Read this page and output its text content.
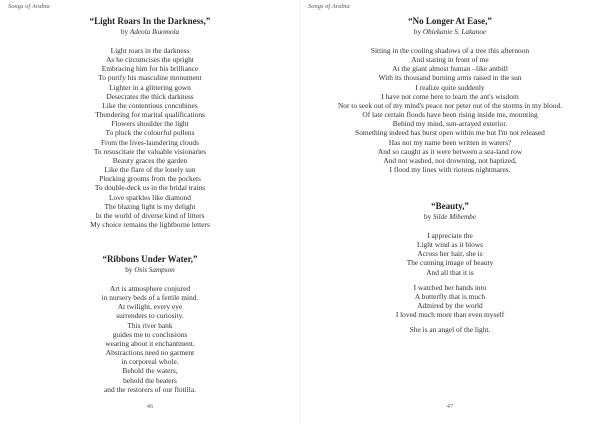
Songs of Arabia
“Light Roars In the Darkness,”
by Adeola Ikuomola
Light roars in the darkness
As he circumcises the upright
Embracing him for his brilliance
To purify his masculine monument
Lighter in a glittering gown
Desecrates the thick darkness
Like the contentious concubines
Thundering for marital qualifications
Flowers shoulder the light
To pluck the colourful pollens
From the lives-laundering clouds
To resuscitate the valuable visionaries
Beauty graces the garden
Like the flare of the lonely sun
Plucking grooms from the pockets
To double-deck us in the bridal trains
Love sparkles like diamond
The blazing light is my delight
In the world of diverse kind of litters
My choice remains the lightborne letters
“Ribbons Under Water,”
by Osis Sampson
Art is atmosphere conjured
in nursery beds of a fertile mind.
At twilight, every eye
surrenders to curiosity.
This river bank
guides me to conclusions
wearing about it enchantment.
Abstractions need no garment
in corporeal whole.
Behold the waters,
behold the beaters
and the restorers of our flotilla.
46
Songs of Arabia
“No Longer At Ease,”
by Obiekanie S. Lakanoe
Sitting in the cooling shadows of a tree this afternoon
And staring in front of me
At the giant almost human –like anthill
With its thousand burning arms raised in the sun
I realize quite suddenly
I have not come here to learn the ant's wisdom
Nor to seek out of my mind's peace nor peter out of the storms in my blood.
Of late certain floods have been rising inside me, mounting
Behind my mind, sun-arrayed exterior.
Something indeed has burst open within me but I'm not released
Has not my name been written in waters?
And so caught as it were between a sea-land row
And not washed, not drowning, not baptized,
I flood my lines with riotous nightmares.
“Beauty,”
by Silde Mibembe
I appreciate the
Light wind as it blows
Across her hair, she is
The cunning image of beauty
And all that it is
I watched her hands into
A butterfly that is much
Admired by the world
I loved much more than even myself
She is an angel of the light.
47
